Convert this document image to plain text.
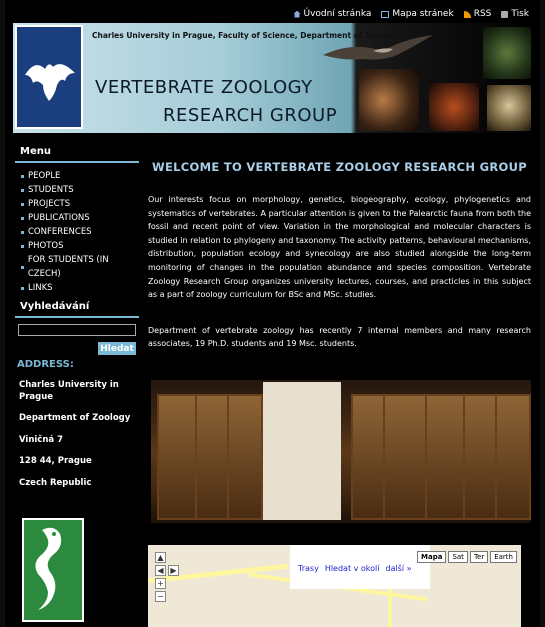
Úvodní stránka Mapa stránek RSS Tisk
Charles University in Prague, Faculty of Science, Department of Zoology
VERTEBRATE ZOOLOGY
RESEARCH GROUP
Menu
PEOPLE
STUDENTS
PROJECTS
PUBLICATIONS
CONFERENCES
PHOTOS
FOR STUDENTS (IN CZECH)
LINKS
Vyhledávání
Hledat
ADDRESS:
Charles University in Prague
Department of Zoology
Viničná 7
128 44, Prague
Czech Republic
WELCOME TO VERTEBRATE ZOOLOGY RESEARCH GROUP

Our interests focus on morphology, genetics, biogeography, ecology, phylogenetics and systematics of vertebrates. A particular attention is given to the Palearctic fauna from both the fossil and recent point of view. Variation in the morphological and molecular characters is studied in relation to phylogeny and taxonomy. The activity patterns, behavioural mechanisms, distribution, population ecology and synecology are also studied alongside the long-term monitoring of changes in the population abundance and species composition. Vertebrate Zoology Research Group organizes university lectures, courses, and practicles in this subject as a part of zoology curriculum for BSc and MSc. studies.

Department of vertebrate zoology has recently 7 internal members and many research associates, 19 Ph.D. students and 19 Msc. students.

▲
◀ ▶
+
−
Trasy Hledat v okolí další »
Mapa	Sat	Ter	Earth
